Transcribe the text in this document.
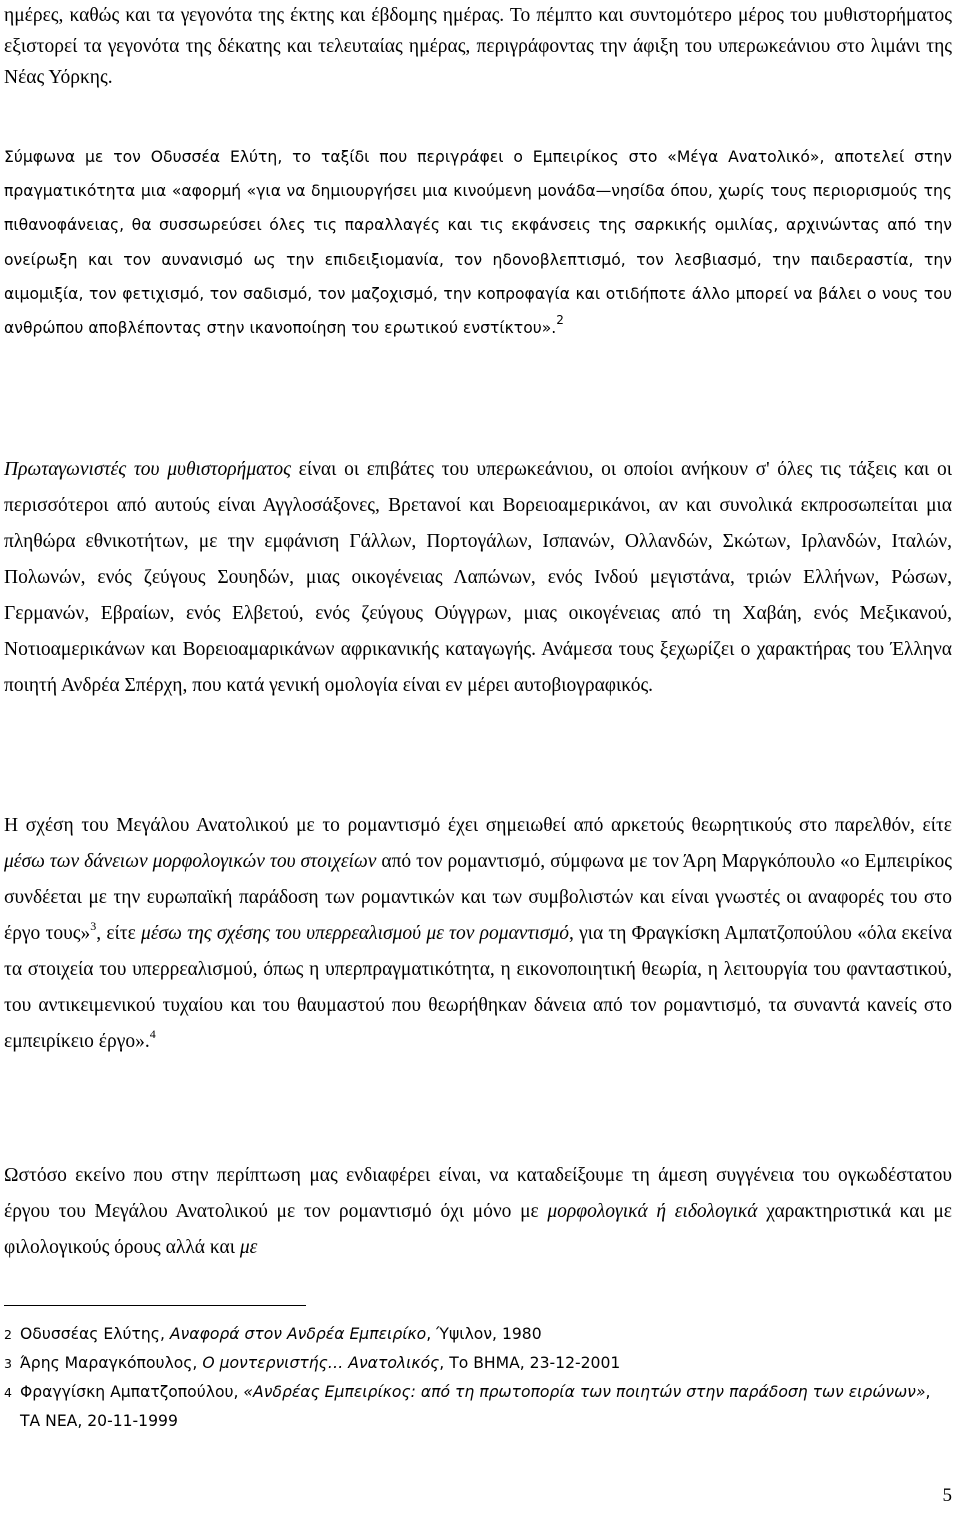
ημέρες, καθώς και τα γεγονότα της έκτης και έβδομης ημέρας. Το πέμπτο και συντομότερο μέρος του μυθιστορήματος εξιστορεί τα γεγονότα της δέκατης και τελευταίας ημέρας, περιγράφοντας την άφιξη του υπερωκεάνιου στο λιμάνι της Νέας Υόρκης.

Σύμφωνα με τον Οδυσσέα Ελύτη, το ταξίδι που περιγράφει ο Εμπειρίκος στο «Μέγα Ανατολικό», αποτελεί στην πραγματικότητα μια «αφορμή «για να δημιουργήσει μια κινούμενη μονάδα—νησίδα όπου, χωρίς τους περιορισμούς της πιθανοφάνειας, θα συσσωρεύσει όλες τις παραλλαγές και τις εκφάνσεις της σαρκικής ομιλίας, αρχινώντας από την ονείρωξη και τον αυνανισμό ως την επιδειξιομανία, τον ηδονοβλεπτισμό, τον λεσβιασμό, την παιδεραστία, την αιμομιξία, τον φετιχισμό, τον σαδισμό, τον μαζοχισμό, την κοπροφαγία και οτιδήποτε άλλο μπορεί να βάλει ο νους του ανθρώπου αποβλέποντας στην ικανοποίηση του ερωτικού ενστίκτου».$^2$

Πρωταγωνιστές του μυθιστορήματος είναι οι επιβάτες του υπερωκεάνιου, οι οποίοι ανήκουν σ' όλες τις τάξεις και οι περισσότεροι από αυτούς είναι Αγγλοσάξονες, Βρετανοί και Βορειοαμερικάνοι, αν και συνολικά εκπροσωπείται μια πληθώρα εθνικοτήτων, με την εμφάνιση Γάλλων, Πορτογάλων, Ισπανών, Ολλανδών, Σκώτων, Ιρλανδών, Ιταλών, Πολωνών, ενός ζεύγους Σουηδών, μιας οικογένειας Λαπώνων, ενός Ινδού μεγιστάνα, τριών Ελλήνων, Ρώσων, Γερμανών, Εβραίων, ενός Ελβετού, ενός ζεύγους Ούγγρων, μιας οικογένειας από τη Χαβάη, ενός Μεξικανού, Νοτιοαμερικάνων και Βορειοαμαρικάνων αφρικανικής καταγωγής. Ανάμεσα τους ξεχωρίζει ο χαρακτήρας του Έλληνα ποιητή Ανδρέα Σπέρχη, που κατά γενική ομολογία είναι εν μέρει αυτοβιογραφικός.

Η σχέση του Μεγάλου Ανατολικού με το ρομαντισμό έχει σημειωθεί από αρκετούς θεωρητικούς στο παρελθόν, είτε μέσω των δάνειων μορφολογικών του στοιχείων από τον ρομαντισμό, σύμφωνα με τον Άρη Μαργκόπουλο «ο Εμπειρίκος συνδέεται με την ευρωπαϊκή παράδοση των ρομαντικών και των συμβολιστών και είναι γνωστές οι αναφορές του στο έργο τους»$^3$, είτε μέσω της σχέσης του υπερρεαλισμού με τον ρομαντισμό, για τη Φραγκίσκη Αμπατζοπούλου «όλα εκείνα τα στοιχεία του υπερρεαλισμού, όπως η υπερπραγματικότητα, η εικονοποιητική θεωρία, η λειτουργία του φανταστικού, του αντικειμενικού τυχαίου και του θαυμαστού που θεωρήθηκαν δάνεια από τον ρομαντισμό, τα συναντά κανείς στο εμπειρίκειο έργο».$^4$

Ωστόσο εκείνο που στην περίπτωση μας ενδιαφέρει είναι, να καταδείξουμε τη άμεση συγγένεια του ογκωδέστατου έργου του Μεγάλου Ανατολικού με τον ρομαντισμό όχι μόνο με μορφολογικά ή ειδολογικά χαρακτηριστικά και με φιλολογικούς όρους αλλά και με

2 Οδυσσέας Ελύτης, Αναφορά στον Ανδρέα Εμπειρίκο, Ύψιλον, 1980
3 Άρης Μαραγκόπουλος, Ο μοντερνιστής… Ανατολικός, Το ΒΗΜΑ, 23-12-2001
4 Φραγγίσκη Αμπατζοπούλου, «Ανδρέας Εμπειρίκος: από τη πρωτοπορία των ποιητών στην παράδοση των ειρώνων», ΤΑ ΝΕΑ, 20-11-1999
5
